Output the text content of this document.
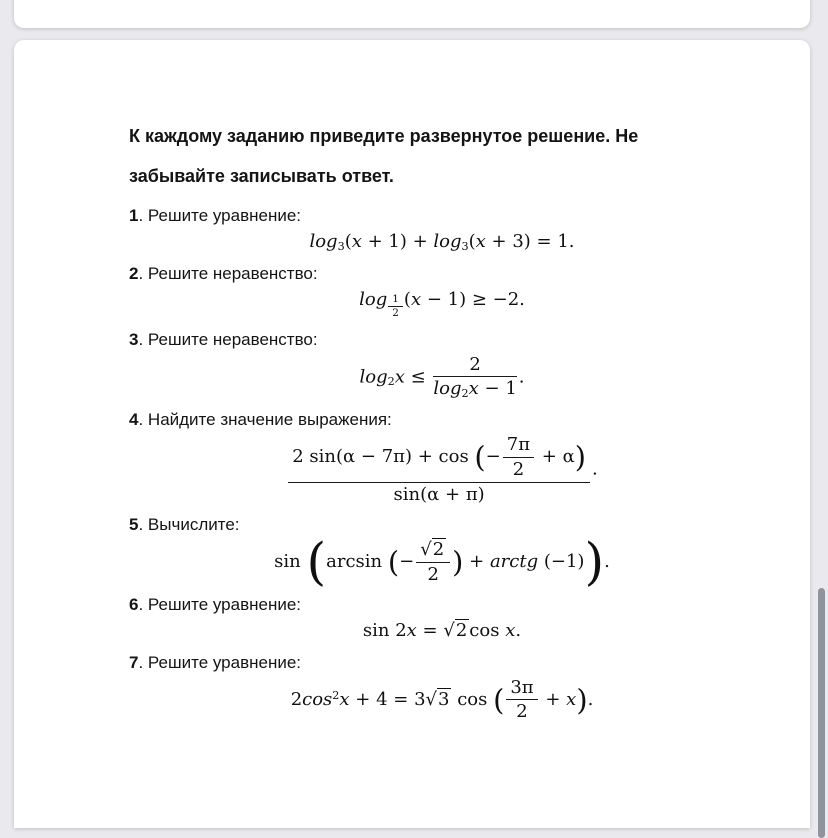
К каждому заданию приведите развернутое решение. Не
забывайте записывать ответ.

1. Решите уравнение:

log3(x + 1) + log3(x + 3) = 1.

2. Решите неравенство:

$\log \frac{1}{2} (x - 1) \ge -2$.

3. Решите неравенство:

$\log 2x \le \frac{2}{\log 2x - 1}$ .

4. Найдите значение выражения:

$\frac{2 \sin(\alpha - 7\pi) + \cos (- \frac{7\pi}{2} + \alpha)}{\sin(\alpha + \pi)}$ .

5. Вычислите:

sin (arcsin (− $\frac{√2}{2}$ ) + arctg (−1)).

6. Решите уравнение:

sin 2x = √2 cos x.

7. Решите уравнение:

$2\cos^2x + 4 = 3√3$ cos ( $\frac{3\pi}{2} + x$).
